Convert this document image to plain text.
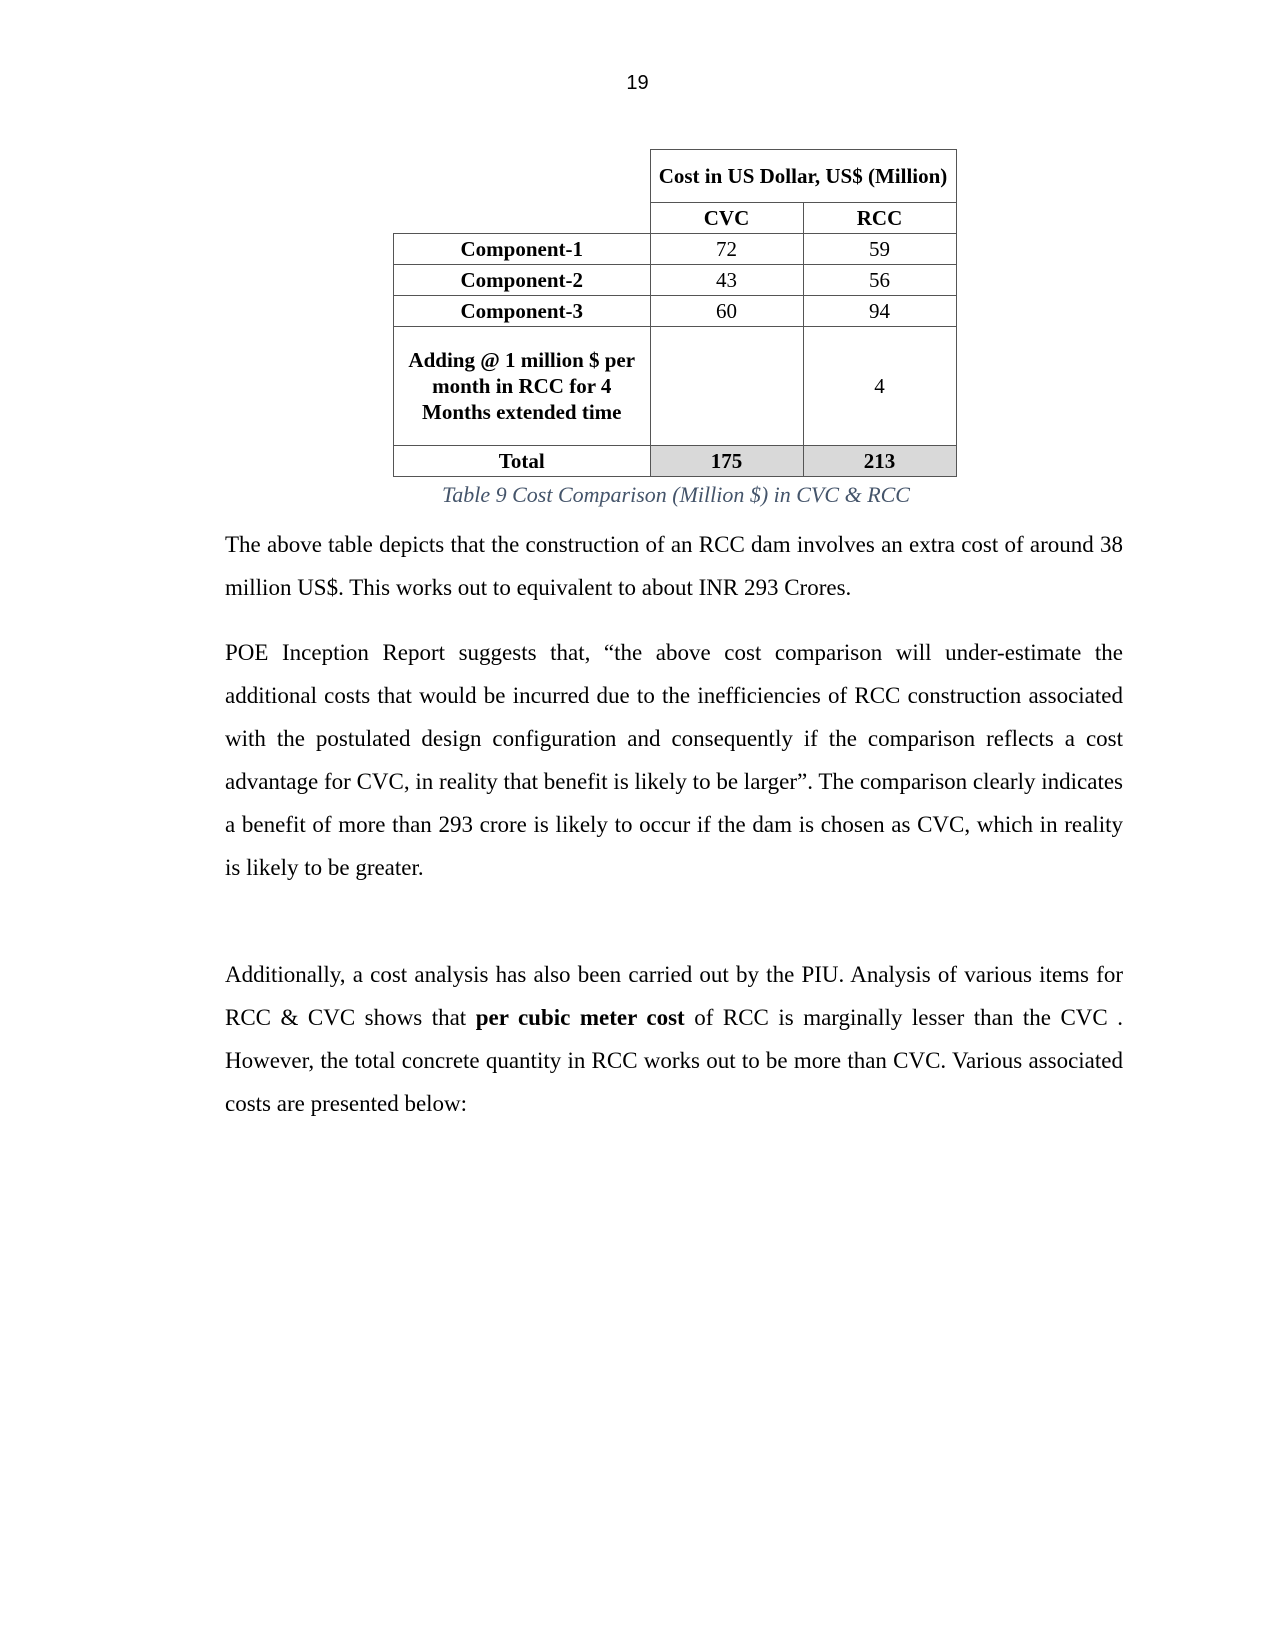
19
	Cost in US Dollar, US$ (Million)	
	CVC	RCC
Component-1	72	59
Component-2	43	56
Component-3	60	94
Adding @ 1 million $ per month in RCC for 4 Months extended time		4
Total	175	213
Table 9 Cost Comparison (Million $) in CVC & RCC

The above table depicts that the construction of an RCC dam involves an extra cost of around 38 million US$. This works out to equivalent to about INR 293 Crores.

POE Inception Report suggests that, “the above cost comparison will under-estimate the additional costs that would be incurred due to the inefficiencies of RCC construction associated with the postulated design configuration and consequently if the comparison reflects a cost advantage for CVC, in reality that benefit is likely to be larger”. The comparison clearly indicates a benefit of more than 293 crore is likely to occur if the dam is chosen as CVC, which in reality is likely to be greater.

Additionally, a cost analysis has also been carried out by the PIU. Analysis of various items for RCC & CVC shows that per cubic meter cost of RCC is marginally lesser than the CVC . However, the total concrete quantity in RCC works out to be more than CVC. Various associated costs are presented below:
